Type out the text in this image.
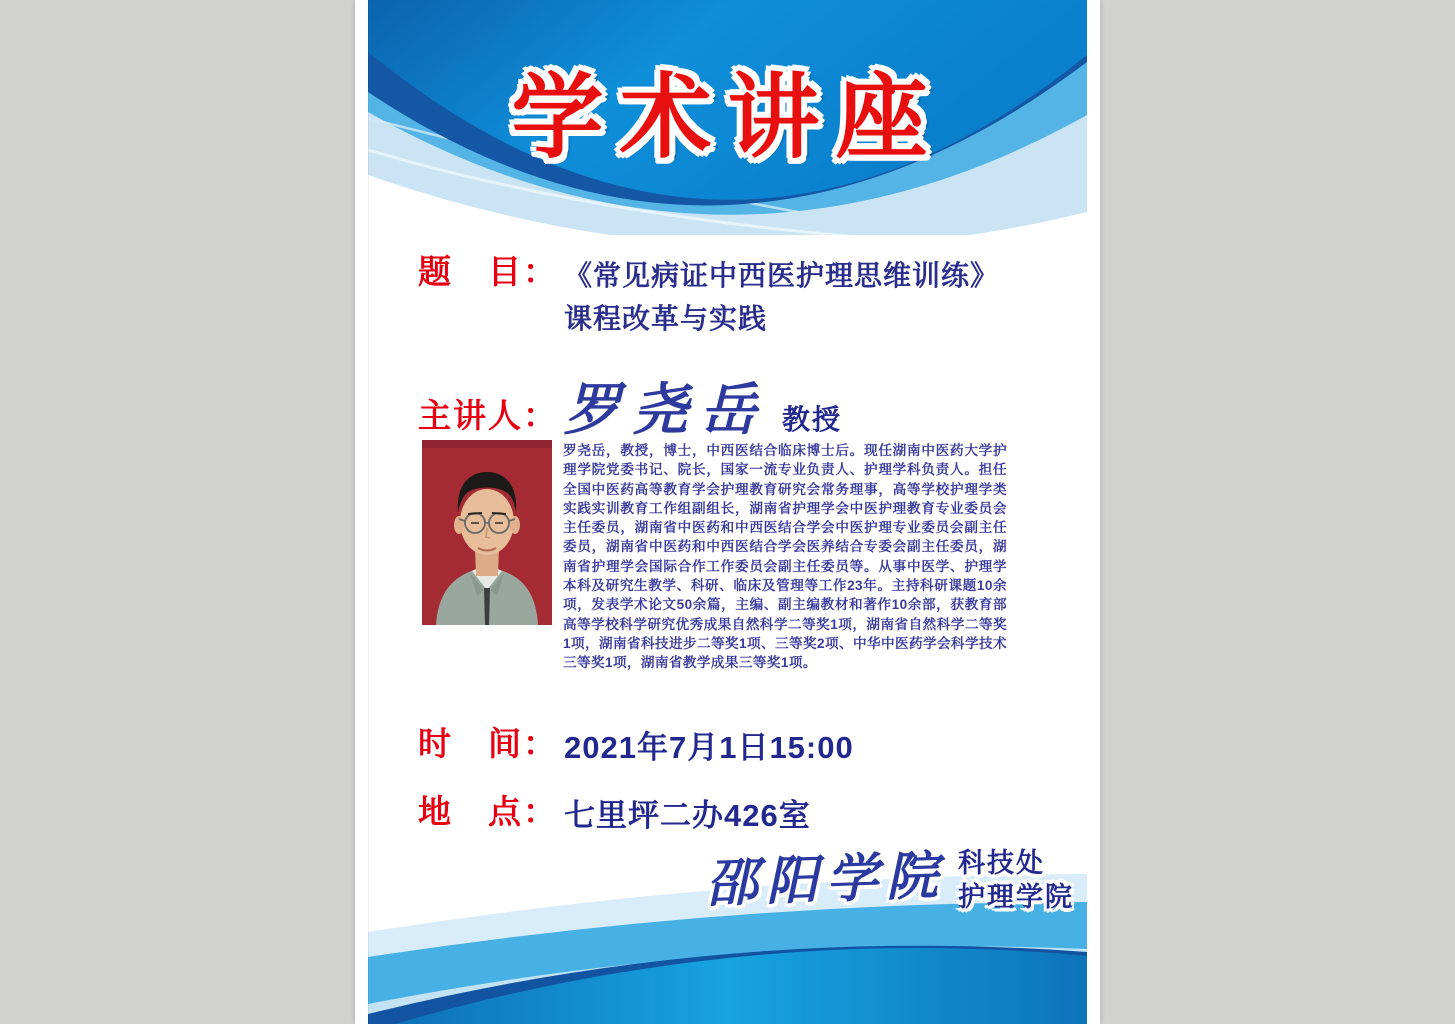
学术讲座
题　目： 《常见病证中西医护理思维训练》
课程改革与实践
主讲人： 罗尧岳 教授
罗尧岳，教授，博士，中西医结合临床博士后。现任湖南中医药大学护理学院党委书记、院长，国家一流专业负责人、护理学科负责人。担任全国中医药高等教育学会护理教育研究会常务理事，高等学校护理学类实践实训教育工作组副组长，湖南省护理学会中医护理教育专业委员会主任委员，湖南省中医药和中西医结合学会中医护理专业委员会副主任委员，湖南省中医药和中西医结合学会医养结合专委会副主任委员，湖南省护理学会国际合作工作委员会副主任委员等。从事中医学、护理学本科及研究生教学、科研、临床及管理等工作23年。主持科研课题10余项，发表学术论文50余篇，主编、副主编教材和著作10余部，获教育部高等学校科学研究优秀成果自然科学二等奖1项，湖南省自然科学二等奖1项，湖南省科技进步二等奖1项、三等奖2项、中华中医药学会科学技术三等奖1项，湖南省教学成果三等奖1项。
时　间： 2021年7月1日15:00
地　点： 七里坪二办426室
邵阳学院 科技处
护理学院
